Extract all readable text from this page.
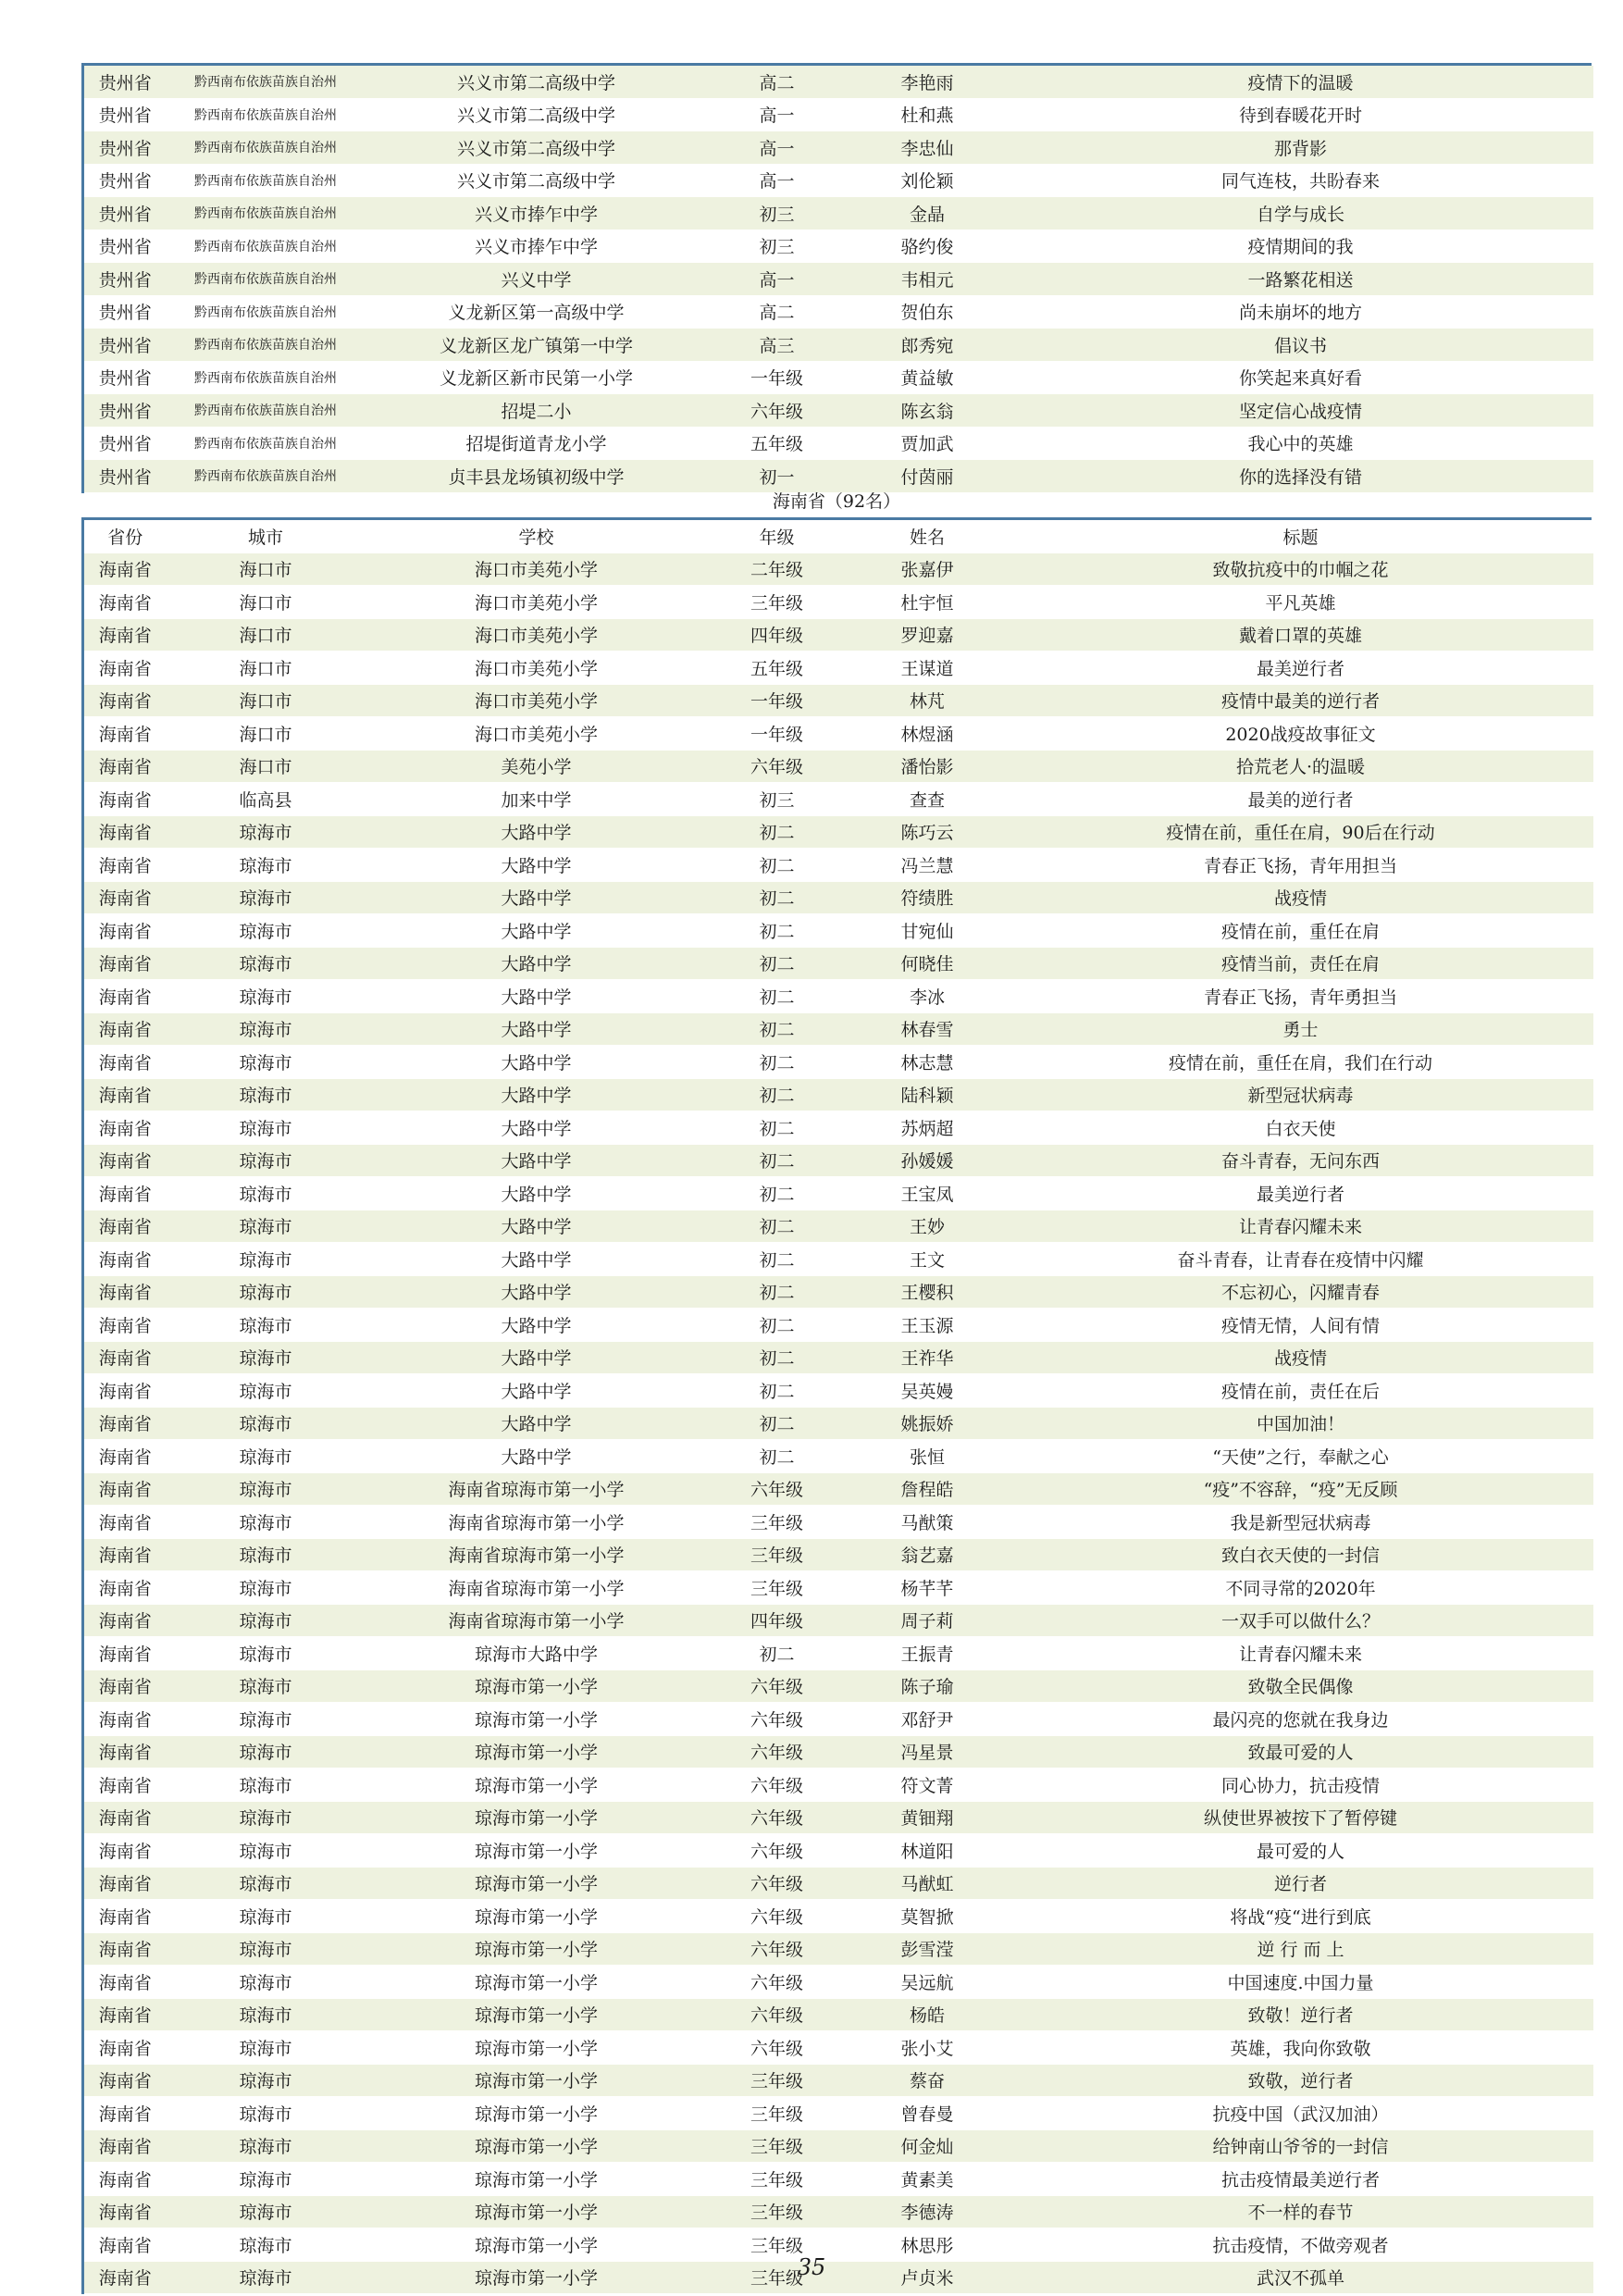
贵州省	黔西南布依族苗族自治州	兴义市第二高级中学	高二	李艳雨	疫情下的温暖
贵州省	黔西南布依族苗族自治州	兴义市第二高级中学	高一	杜和燕	待到春暖花开时
贵州省	黔西南布依族苗族自治州	兴义市第二高级中学	高一	李忠仙	那背影
贵州省	黔西南布依族苗族自治州	兴义市第二高级中学	高一	刘伦颖	同气连枝，共盼春来
贵州省	黔西南布依族苗族自治州	兴义市捧乍中学	初三	金晶	自学与成长
贵州省	黔西南布依族苗族自治州	兴义市捧乍中学	初三	骆约俊	疫情期间的我
贵州省	黔西南布依族苗族自治州	兴义中学	高一	韦相元	一路繁花相送
贵州省	黔西南布依族苗族自治州	义龙新区第一高级中学	高二	贺伯东	尚未崩坏的地方
贵州省	黔西南布依族苗族自治州	义龙新区龙广镇第一中学	高三	郎秀宛	倡议书
贵州省	黔西南布依族苗族自治州	义龙新区新市民第一小学	一年级	黄益敏	你笑起来真好看
贵州省	黔西南布依族苗族自治州	招堤二小	六年级	陈玄翁	坚定信心战疫情
贵州省	黔西南布依族苗族自治州	招堤街道青龙小学	五年级	贾加武	我心中的英雄
贵州省	黔西南布依族苗族自治州	贞丰县龙场镇初级中学	初一	付茵丽	你的选择没有错
海南省（92名）
省份	城市	学校	年级	姓名	标题
海南省	海口市	海口市美苑小学	二年级	张嘉伊	致敬抗疫中的巾帼之花
海南省	海口市	海口市美苑小学	三年级	杜宇恒	平凡英雄
海南省	海口市	海口市美苑小学	四年级	罗迎嘉	戴着口罩的英雄
海南省	海口市	海口市美苑小学	五年级	王谋道	最美逆行者
海南省	海口市	海口市美苑小学	一年级	林芃	疫情中最美的逆行者
海南省	海口市	海口市美苑小学	一年级	林煜涵	2020战疫故事征文
海南省	海口市	美苑小学	六年级	潘怡影	拾荒老人·的温暖
海南省	临高县	加来中学	初三	查查	最美的逆行者
海南省	琼海市	大路中学	初二	陈巧云	疫情在前，重任在肩，90后在行动
海南省	琼海市	大路中学	初二	冯兰慧	青春正飞扬，青年用担当
海南省	琼海市	大路中学	初二	符绩胜	战疫情
海南省	琼海市	大路中学	初二	甘宛仙	疫情在前，重任在肩
海南省	琼海市	大路中学	初二	何晓佳	疫情当前，责任在肩
海南省	琼海市	大路中学	初二	李冰	青春正飞扬，青年勇担当
海南省	琼海市	大路中学	初二	林春雪	勇士
海南省	琼海市	大路中学	初二	林志慧	疫情在前，重任在肩，我们在行动
海南省	琼海市	大路中学	初二	陆科颖	新型冠状病毒
海南省	琼海市	大路中学	初二	苏炳超	白衣天使
海南省	琼海市	大路中学	初二	孙媛媛	奋斗青春，无问东西
海南省	琼海市	大路中学	初二	王宝凤	最美逆行者
海南省	琼海市	大路中学	初二	王妙	让青春闪耀未来
海南省	琼海市	大路中学	初二	王文	奋斗青春，让青春在疫情中闪耀
海南省	琼海市	大路中学	初二	王樱积	不忘初心，闪耀青春
海南省	琼海市	大路中学	初二	王玉源	疫情无情，人间有情
海南省	琼海市	大路中学	初二	王祚华	战疫情
海南省	琼海市	大路中学	初二	吴英嫚	疫情在前，责任在后
海南省	琼海市	大路中学	初二	姚振娇	中国加油！
海南省	琼海市	大路中学	初二	张恒	“天使”之行，奉献之心
海南省	琼海市	海南省琼海市第一小学	六年级	詹程皓	“疫”不容辞，“疫”无反顾
海南省	琼海市	海南省琼海市第一小学	三年级	马猷策	我是新型冠状病毒
海南省	琼海市	海南省琼海市第一小学	三年级	翁艺嘉	致白衣天使的一封信
海南省	琼海市	海南省琼海市第一小学	三年级	杨芊芊	不同寻常的2020年
海南省	琼海市	海南省琼海市第一小学	四年级	周子莉	一双手可以做什么？
海南省	琼海市	琼海市大路中学	初二	王振青	让青春闪耀未来
海南省	琼海市	琼海市第一小学	六年级	陈子瑜	致敬全民偶像
海南省	琼海市	琼海市第一小学	六年级	邓舒尹	最闪亮的您就在我身边
海南省	琼海市	琼海市第一小学	六年级	冯星景	致最可爱的人
海南省	琼海市	琼海市第一小学	六年级	符文菁	同心协力，抗击疫情
海南省	琼海市	琼海市第一小学	六年级	黄钿翔	纵使世界被按下了暂停键
海南省	琼海市	琼海市第一小学	六年级	林道阳	最可爱的人
海南省	琼海市	琼海市第一小学	六年级	马猷虹	逆行者
海南省	琼海市	琼海市第一小学	六年级	莫智掀	将战“疫“进行到底
海南省	琼海市	琼海市第一小学	六年级	彭雪滢	逆 行 而 上
海南省	琼海市	琼海市第一小学	六年级	吴远航	中国速度.中国力量
海南省	琼海市	琼海市第一小学	六年级	杨皓	致敬！逆行者
海南省	琼海市	琼海市第一小学	六年级	张小艾	英雄，我向你致敬
海南省	琼海市	琼海市第一小学	三年级	蔡奋	致敬，逆行者
海南省	琼海市	琼海市第一小学	三年级	曾春曼	抗疫中国（武汉加油）
海南省	琼海市	琼海市第一小学	三年级	何金灿	给钟南山爷爷的一封信
海南省	琼海市	琼海市第一小学	三年级	黄素美	抗击疫情最美逆行者
海南省	琼海市	琼海市第一小学	三年级	李德涛	不一样的春节
海南省	琼海市	琼海市第一小学	三年级	林思彤	抗击疫情，不做旁观者
海南省	琼海市	琼海市第一小学	三年级	卢贞米	武汉不孤单
35
